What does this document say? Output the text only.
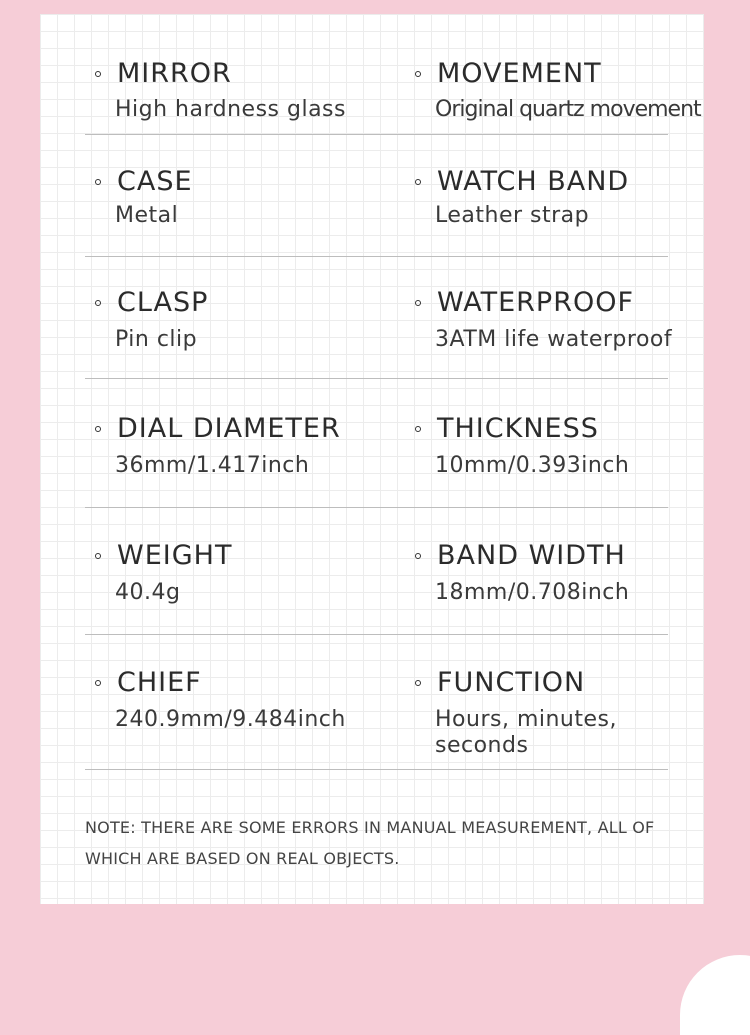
MIRROR
High hardness glass
MOVEMENT
Original quartz movement
CASE
Metal
WATCH BAND
Leather strap
CLASP
Pin clip
WATERPROOF
3ATM life waterproof
DIAL DIAMETER
36mm/1.417inch
THICKNESS
10mm/0.393inch
WEIGHT
40.4g
BAND WIDTH
18mm/0.708inch
CHIEF
240.9mm/9.484inch
FUNCTION
Hours, minutes, seconds
NOTE: THERE ARE SOME ERRORS IN MANUAL MEASUREMENT, ALL OF WHICH ARE BASED ON REAL OBJECTS.
